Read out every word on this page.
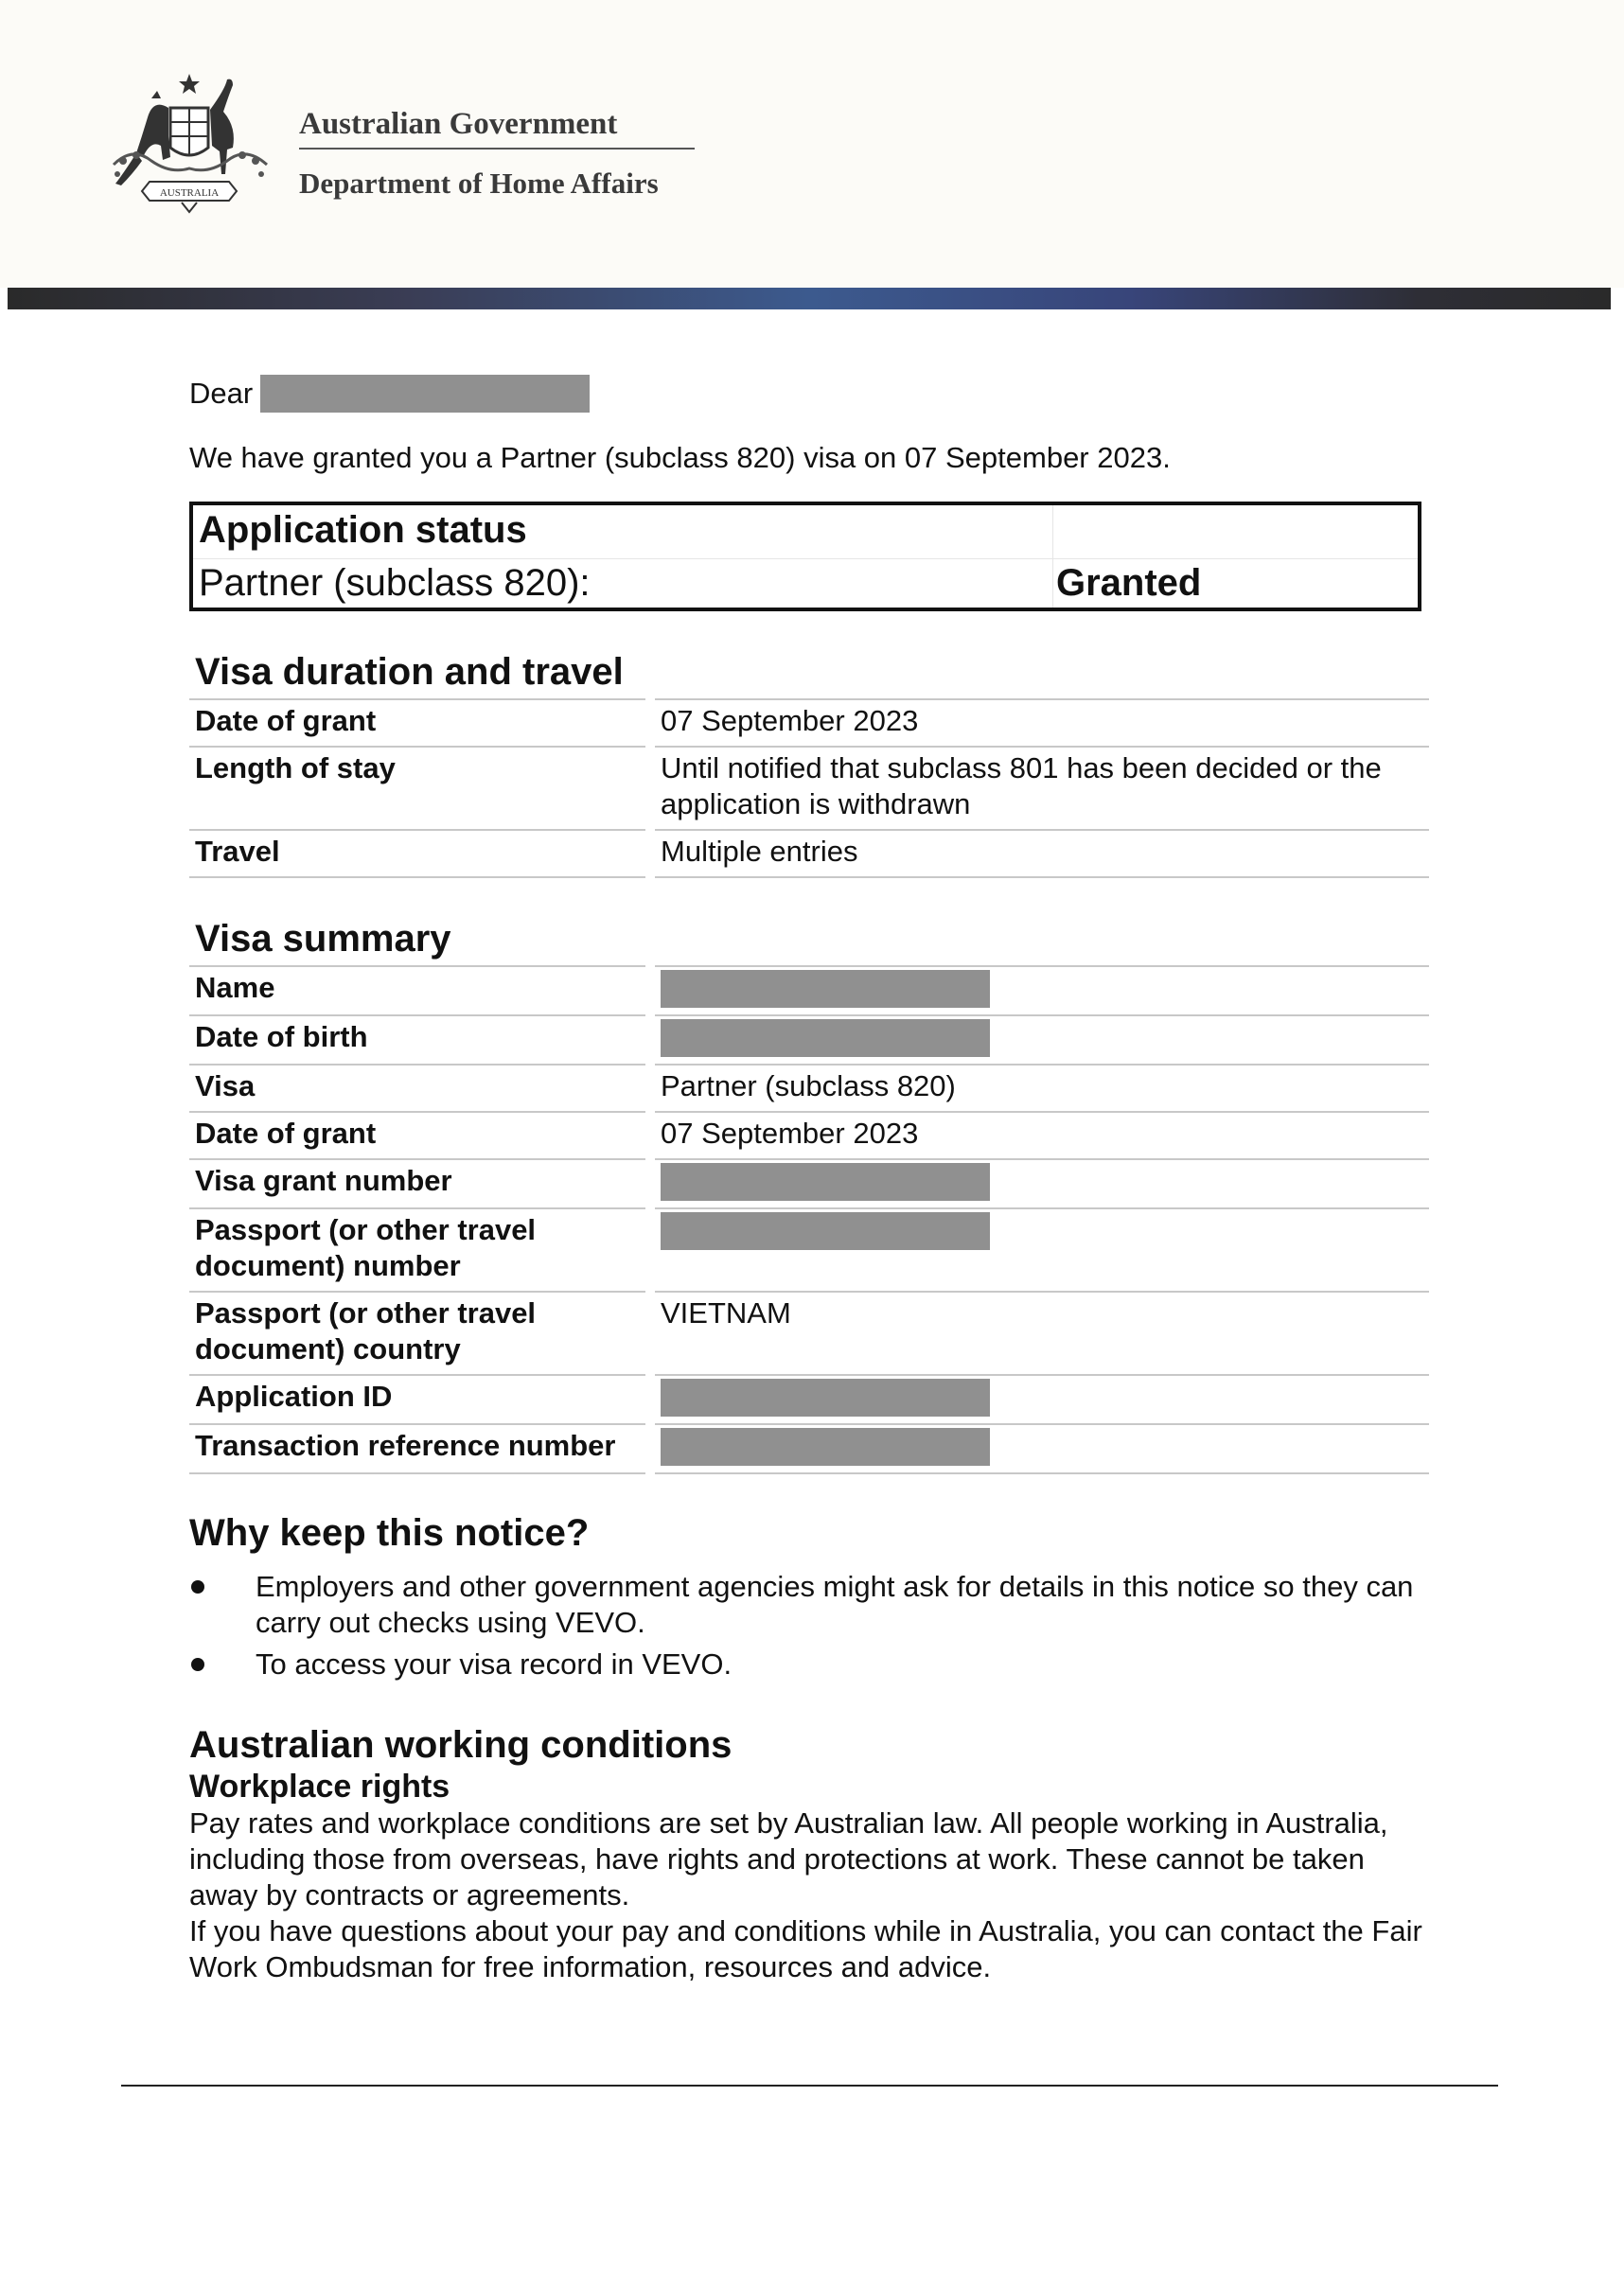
AUSTRALIA
Australian Government
Department of Home Affairs
Dear
We have granted you a Partner (subclass 820) visa on 07 September 2023.
Application status
Partner (subclass 820):	Granted
Visa duration and travel
Date of grant		07 September 2023
Length of stay		Until notified that subclass 801 has been decided or the application is withdrawn
Travel		Multiple entries
Visa summary
Name		

Date of birth		

Visa		Partner (subclass 820)	
Date of grant		07 September 2023	
Visa grant number		

Passport (or other travel document) number		

Passport (or other travel document) country		VIETNAM	
Application ID		

Transaction reference number		

Why keep this notice?
Employers and other government agencies might ask for details in this notice so they can carry out checks using VEVO.
To access your visa record in VEVO.
Australian working conditions
Workplace rights

Pay rates and workplace conditions are set by Australian law. All people working in Australia, including those from overseas, have rights and protections at work. These cannot be taken away by contracts or agreements.

If you have questions about your pay and conditions while in Australia, you can contact the Fair Work Ombudsman for free information, resources and advice.
